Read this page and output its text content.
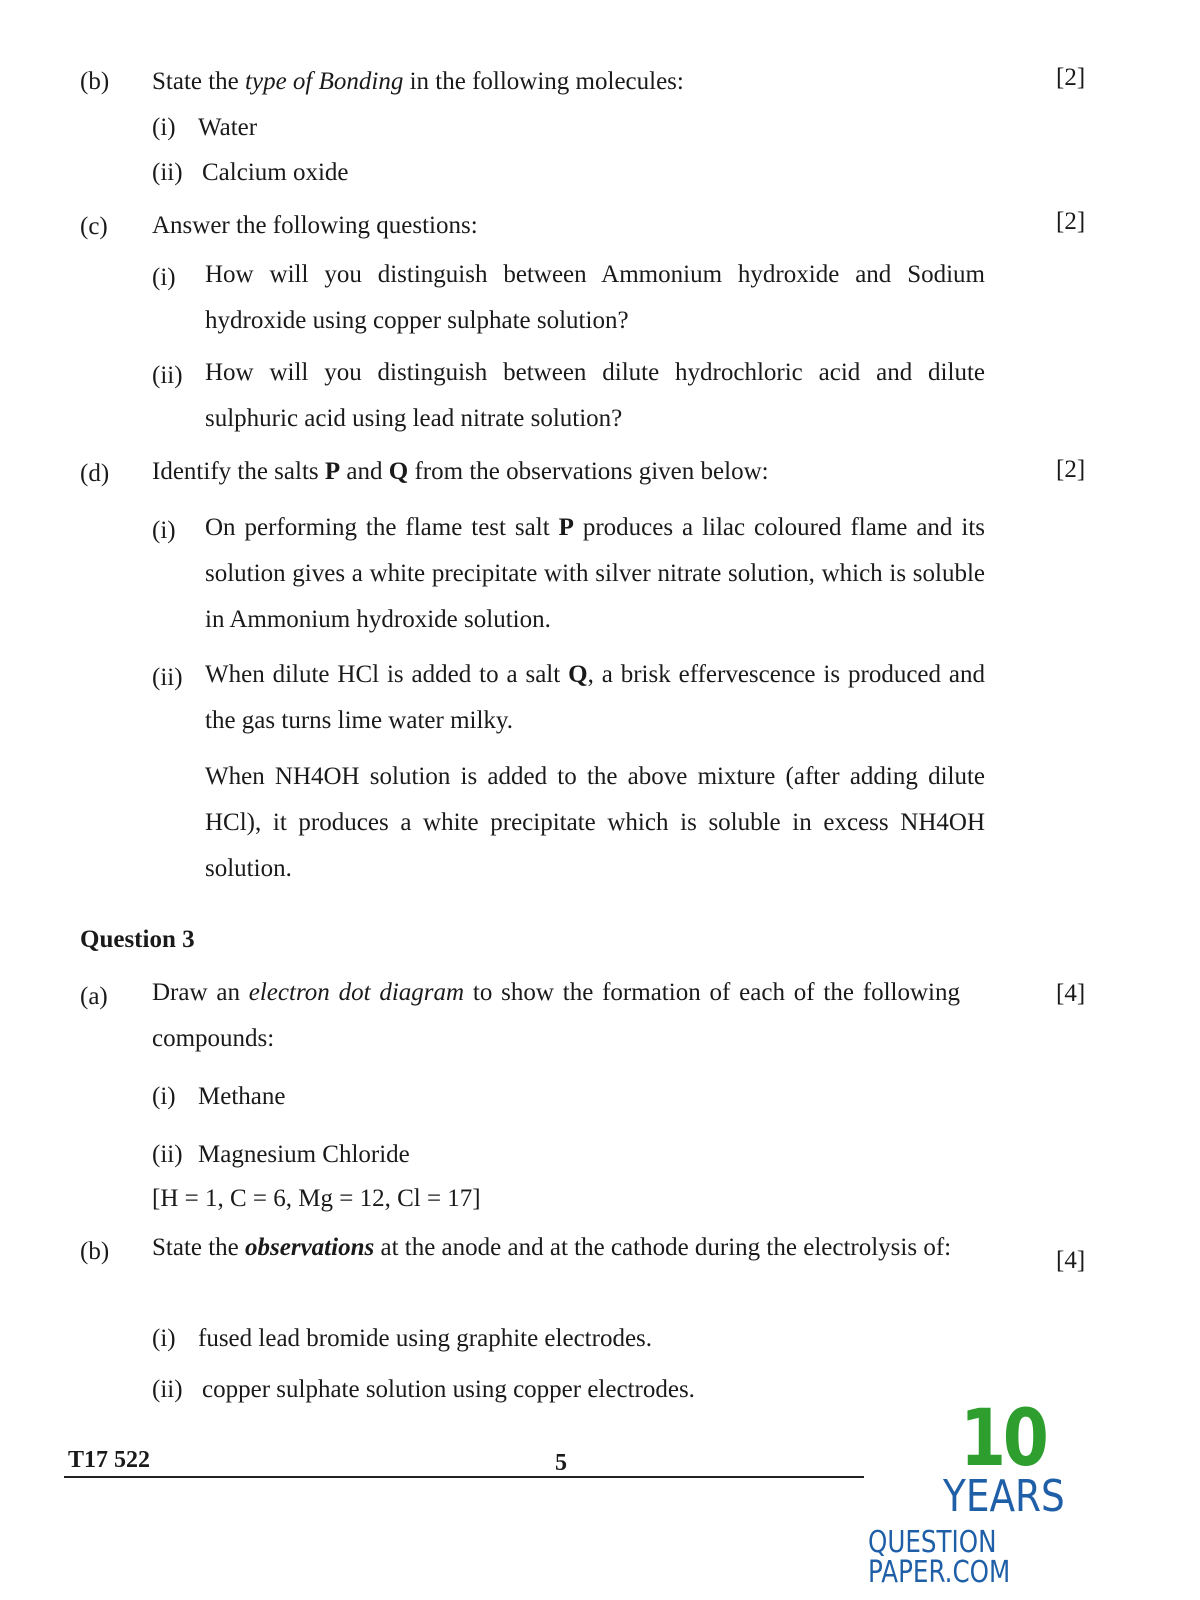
(b) State the type of Bonding in the following molecules:	[2]
(i) Water
(ii) Calcium oxide
(c) Answer the following questions:	[2]
(i) How will you distinguish between Ammonium hydroxide and Sodium hydroxide using copper sulphate solution?
(ii) How will you distinguish between dilute hydrochloric acid and dilute sulphuric acid using lead nitrate solution?
(d) Identify the salts P and Q from the observations given below:	[2]
(i) On performing the flame test salt P produces a lilac coloured flame and its solution gives a white precipitate with silver nitrate solution, which is soluble in Ammonium hydroxide solution.
(ii) When dilute HCl is added to a salt Q, a brisk effervescence is produced and the gas turns lime water milky.
When NH4OH solution is added to the above mixture (after adding dilute HCl), it produces a white precipitate which is soluble in excess NH4OH solution.
Question 3
(a) Draw an electron dot diagram to show the formation of each of the following compounds:
[4]
(i) Methane
(ii) Magnesium Chloride
[H = 1, C = 6, Mg = 12, Cl = 17]
(b) State the observations at the anode and at the cathode during the electrolysis of:	[4]
(i) fused lead bromide using graphite electrodes.
(ii) copper sulphate solution using copper electrodes.
T17 522	5	10
YEARS
QUESTION PAPER.COM
